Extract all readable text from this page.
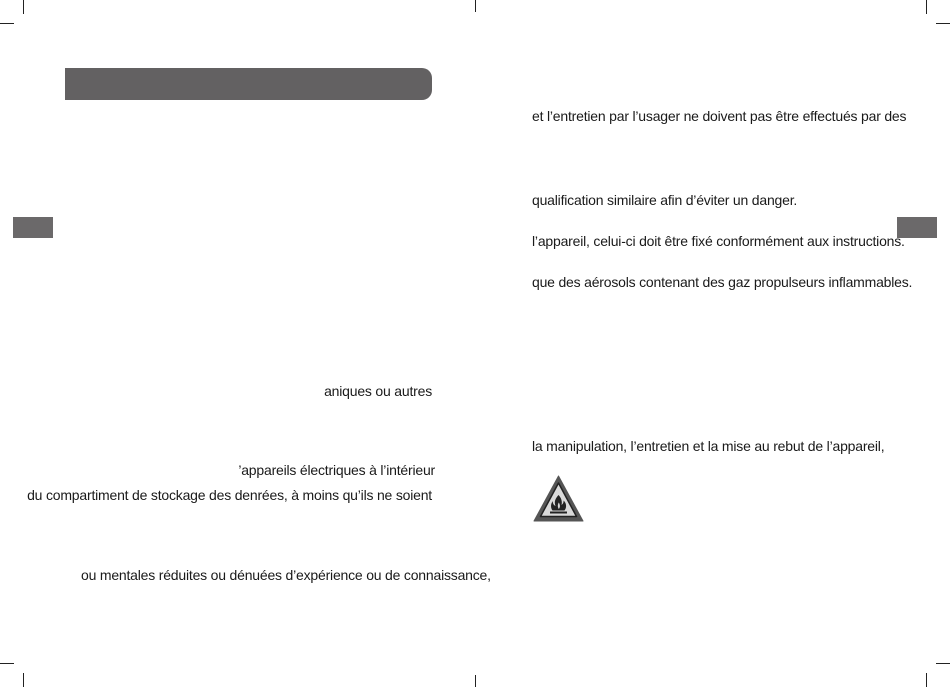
aniques ou autres
’appareils électriques à l’intérieur
du compartiment de stockage des denrées, à moins qu’ils ne soient
ou mentales réduites ou dénuées d’expérience ou de connaissance,
et l’entretien par l’usager ne doivent pas être effectués par des
qualification similaire afin d’éviter un danger.
l’appareil, celui-ci doit être fixé conformément aux instructions.
que des aérosols contenant des gaz propulseurs inflammables.
la manipulation, l’entretien et la mise au rebut de l’appareil,
